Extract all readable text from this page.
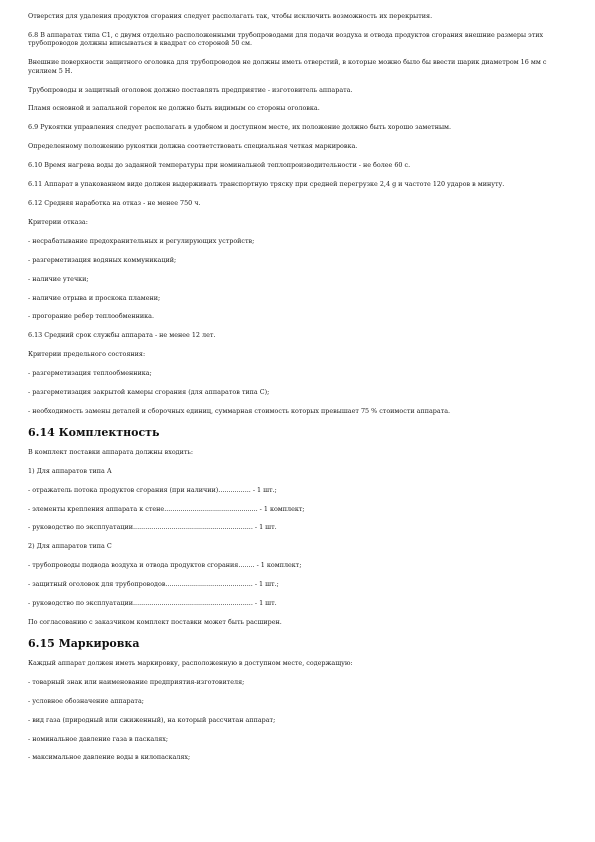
Отверстия для удаления продуктов сгорания следует располагать так, чтобы исключить возможность их перекрытия.
6.8 В аппаратах типа С1, с двумя отдельно расположенными трубопроводами для подачи воздуха и отвода продуктов сгорания внешние размеры этих трубопроводов должны вписываться в квадрат со стороной 50 см.
Внешние поверхности защитного оголовка для трубопроводов не должны иметь отверстий, в которые можно было бы ввести шарик диаметром 16 мм с усилием 5 Н.
Трубопроводы и защитный оголовок должно поставлять предприятие - изготовитель аппарата.
Пламя основной и запальной горелок не должно быть видимым со стороны оголовка.
6.9 Рукоятки управления следует располагать в удобном и доступном месте, их положение должно быть хорошо заметным.
Определенному положению рукоятки должна соответствовать специальная четкая маркировка.
6.10 Время нагрева воды до заданной температуры при номинальной теплопроизводительности - не более 60 с.
6.11 Аппарат в упакованном виде должен выдерживать транспортную тряску при средней перегрузке 2,4 g и частоте 120 ударов в минуту.
6.12 Средняя наработка на отказ - не менее 750 ч.
Критерии отказа:
- несрабатывание предохранительных и регулирующих устройств;
- разгерметизация водяных коммуникаций;
- наличие утечки;
- наличие отрыва и проскока пламени;
- прогорание ребер теплообменника.
6.13 Средний срок службы аппарата - не менее 12 лет.
Критерии предельного состояния:
- разгерметизация теплообменника;
- разгерметизация закрытой камеры сгорания (для аппаратов типа С);
- необходимость замены деталей и сборочных единиц, суммарная стоимость которых превышает 75 % стоимости аппарата.
6.14 Комплектность
В комплект поставки аппарата должны входить:
1) Для аппаратов типа А
- отражатель потока продуктов сгорания (при наличии)................ - 1 шт.;
- элементы крепления аппарата к стене.............................................. - 1 комплект;
- руководство по эксплуатации........................................................... - 1 шт.
2) Для аппаратов типа С
- трубопроводы подвода воздуха и отвода продуктов сгорания........ - 1 комплект;
- защитный оголовок для трубопроводов........................................... - 1 шт.;
- руководство по эксплуатации........................................................... - 1 шт.
По согласованию с заказчиком комплект поставки может быть расширен.
6.15 Маркировка
Каждый аппарат должен иметь маркировку, расположенную в доступном месте, содержащую:
- товарный знак или наименование предприятия-изготовителя;
- условное обозначение аппарата;
- вид газа (природный или сжиженный), на который рассчитан аппарат;
- номинальное давление газа в паскалях;
- максимальное давление воды в килопаскалях;
